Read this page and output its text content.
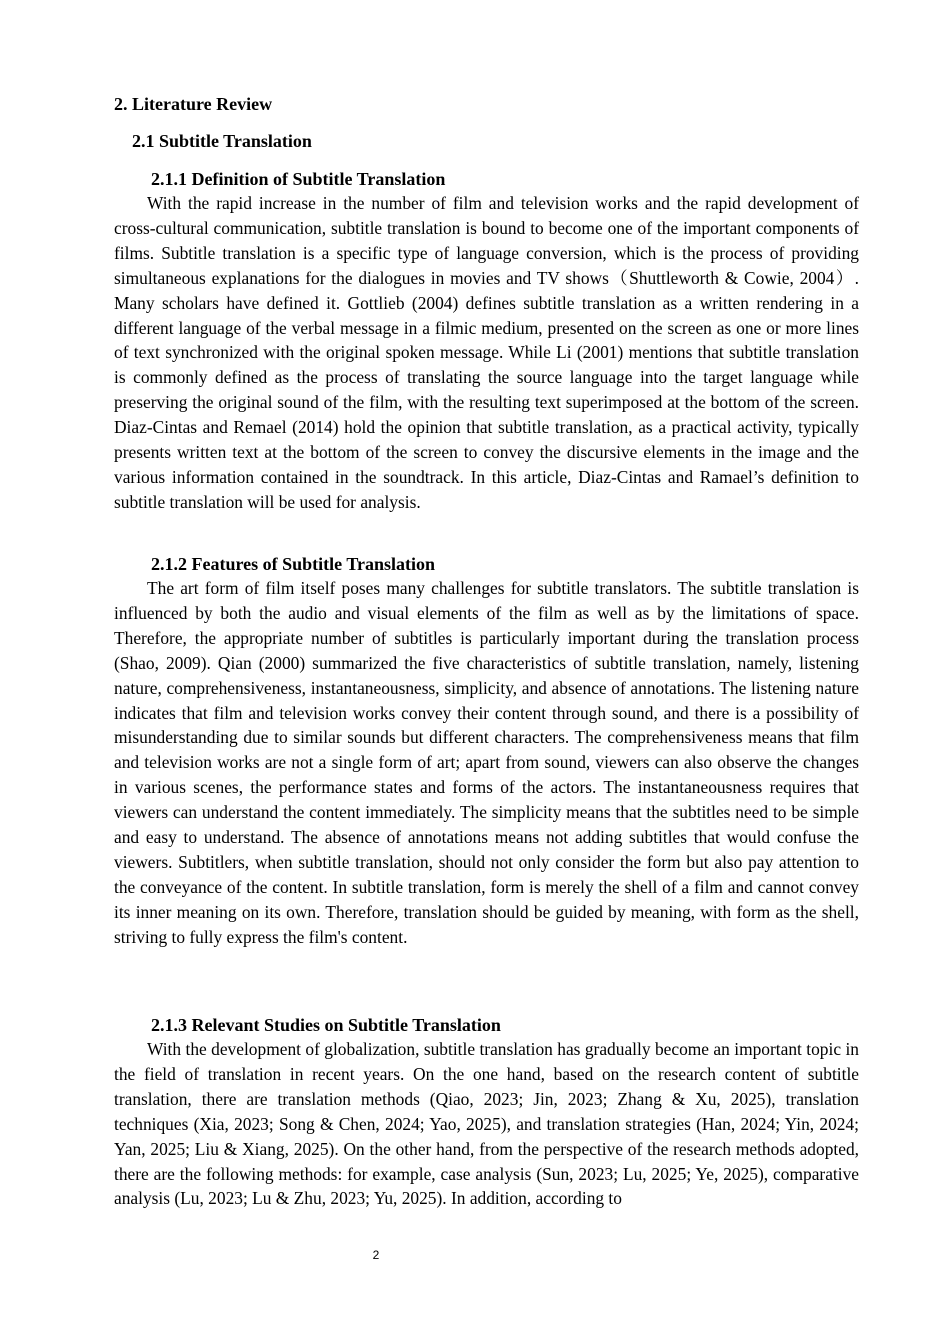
2. Literature Review
2.1 Subtitle Translation
2.1.1 Definition of Subtitle Translation

With the rapid increase in the number of film and television works and the rapid development of cross-cultural communication, subtitle translation is bound to become one of the important components of films. Subtitle translation is a specific type of language conversion, which is the process of providing simultaneous explanations for the dialogues in movies and TV shows（Shuttleworth & Cowie, 2004）. Many scholars have defined it. Gottlieb (2004) defines subtitle translation as a written rendering in a different language of the verbal message in a filmic medium, presented on the screen as one or more lines of text synchronized with the original spoken message. While Li (2001) mentions that subtitle translation is commonly defined as the process of translating the source language into the target language while preserving the original sound of the film, with the resulting text superimposed at the bottom of the screen. Diaz-Cintas and Remael (2014) hold the opinion that subtitle translation, as a practical activity, typically presents written text at the bottom of the screen to convey the discursive elements in the image and the various information contained in the soundtrack. In this article, Diaz-Cintas and Ramael’s definition to subtitle translation will be used for analysis.

2.1.2 Features of Subtitle Translation

The art form of film itself poses many challenges for subtitle translators. The subtitle translation is influenced by both the audio and visual elements of the film as well as by the limitations of space. Therefore, the appropriate number of subtitles is particularly important during the translation process (Shao, 2009). Qian (2000) summarized the five characteristics of subtitle translation, namely, listening nature, comprehensiveness, instantaneousness, simplicity, and absence of annotations. The listening nature indicates that film and television works convey their content through sound, and there is a possibility of misunderstanding due to similar sounds but different characters. The comprehensiveness means that film and television works are not a single form of art; apart from sound, viewers can also observe the changes in various scenes, the performance states and forms of the actors. The instantaneousness requires that viewers can understand the content immediately. The simplicity means that the subtitles need to be simple and easy to understand. The absence of annotations means not adding subtitles that would confuse the viewers. Subtitlers, when subtitle translation, should not only consider the form but also pay attention to the conveyance of the content. In subtitle translation, form is merely the shell of a film and cannot convey its inner meaning on its own. Therefore, translation should be guided by meaning, with form as the shell, striving to fully express the film's content.

2.1.3 Relevant Studies on Subtitle Translation

With the development of globalization, subtitle translation has gradually become an important topic in the field of translation in recent years. On the one hand, based on the research content of subtitle translation, there are translation methods (Qiao, 2023; Jin, 2023; Zhang & Xu, 2025), translation techniques (Xia, 2023; Song & Chen, 2024; Yao, 2025), and translation strategies (Han, 2024; Yin, 2024; Yan, 2025; Liu & Xiang, 2025). On the other hand, from the perspective of the research methods adopted, there are the following methods: for example, case analysis (Sun, 2023; Lu, 2025; Ye, 2025), comparative analysis (Lu, 2023; Lu & Zhu, 2023; Yu, 2025). In addition, according to

2
